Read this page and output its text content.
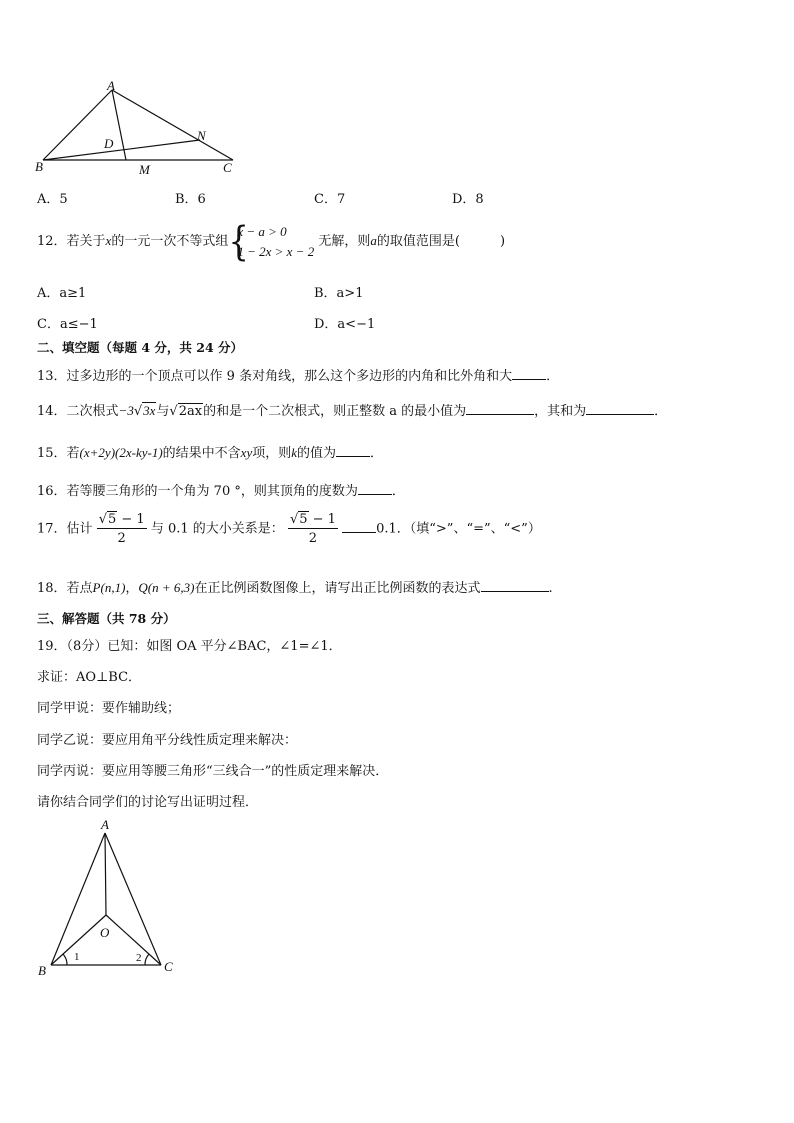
A
B	C
D
M
N
A．5	B．6	C．7	D．8
12．若关于x的一元一次不等式组 {
x − a > 0
1 − 2x > x − 2
无解，则a的取值范围是(	)
A．a≥1	B．a>1
C．a≤−1	D．a<−1
二、填空题（每题 4 分，共 24 分）
13．过多边形的一个顶点可以作 9 条对角线，那么这个多边形的内角和比外角和大	．
14．二次根式−3√3x与√2ax的和是一个二次根式，则正整数 a 的最小值为	，其和为	．
15．若(x+2y)(2x-ky-1)的结果中不含xy项，则k的值为	．
16．若等腰三角形的一个角为 70 °，则其顶角的度数为	．
17．估计 $\frac{√5 - 1}{2}$ 与 0.1 的大小关系是： $\frac{√5 - 1}{2}$	0.1．（填“>”、“=”、“<”）
18．若点P(n,1)，Q(n + 6,3)在正比例函数图像上，请写出正比例函数的表达式	.
三、解答题（共 78 分）
19．（8分）已知：如图 OA 平分∠BAC，∠1=∠1．
求证：AO⊥BC．
同学甲说：要作辅助线；
同学乙说：要应用角平分线性质定理来解决：
同学丙说：要应用等腰三角形“三线合一”的性质定理来解决．
请你结合同学们的讨论写出证明过程．
A
O
B	C
1	2
